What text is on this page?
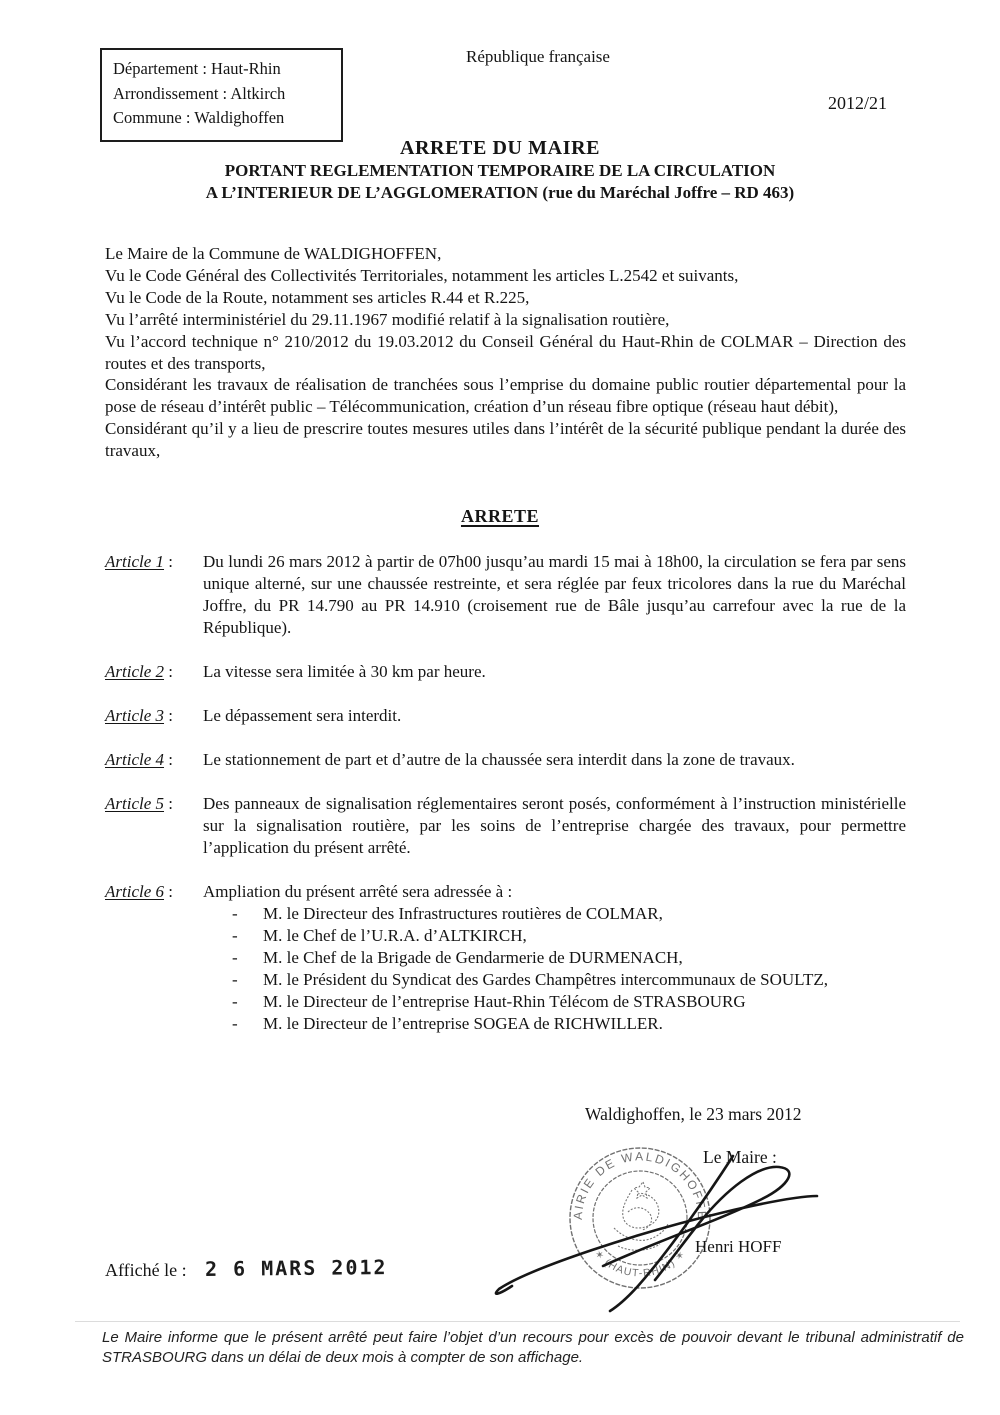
Département : Haut-Rhin
Arrondissement : Altkirch
Commune : Waldighoffen
République française
2012/21
ARRETE DU MAIRE
PORTANT REGLEMENTATION TEMPORAIRE DE LA CIRCULATION
A L’INTERIEUR DE L’AGGLOMERATION (rue du Maréchal Joffre – RD 463)

Le Maire de la Commune de WALDIGHOFFEN,

Vu le Code Général des Collectivités Territoriales, notamment les articles L.2542 et suivants,

Vu le Code de la Route, notamment ses articles R.44 et R.225,

Vu l’arrêté interministériel du 29.11.1967 modifié relatif à la signalisation routière,

Vu l’accord technique n° 210/2012 du 19.03.2012 du Conseil Général du Haut-Rhin de COLMAR – Direction des routes et des transports,

Considérant les travaux de réalisation de tranchées sous l’emprise du domaine public routier départemental pour la pose de réseau d’intérêt public – Télécommunication, création d’un réseau fibre optique (réseau haut débit),

Considérant qu’il y a lieu de prescrire toutes mesures utiles dans l’intérêt de la sécurité publique pendant la durée des travaux,

ARRETE
Article 1 :	Du lundi 26 mars 2012 à partir de 07h00 jusqu’au mardi 15 mai à 18h00, la circulation se fera par sens unique alterné, sur une chaussée restreinte, et sera réglée par feux tricolores dans la rue du Maréchal Joffre, du PR 14.790 au PR 14.910 (croisement rue de Bâle jusqu’au carrefour avec la rue de la République).
Article 2 :	La vitesse sera limitée à 30 km par heure.
Article 3 :	Le dépassement sera interdit.
Article 4 :	Le stationnement de part et d’autre de la chaussée sera interdit dans la zone de travaux.
Article 5 :	Des panneaux de signalisation réglementaires seront posés, conformément à l’instruction ministérielle sur la signalisation routière, par les soins de l’entreprise chargée des travaux, pour permettre l’application du présent arrêté.
Article 6 :	Ampliation du présent arrêté sera adressée à :
-	M. le Directeur des Infrastructures routières de COLMAR,
-	M. le Chef de l’U.R.A. d’ALTKIRCH,
-	M. le Chef de la Brigade de Gendarmerie de DURMENACH,
-	M. le Président du Syndicat des Gardes Champêtres intercommunaux de SOULTZ,
-	M. le Directeur de l’entreprise Haut-Rhin Télécom de STRASBOURG
-	M. le Directeur de l’entreprise SOGEA de RICHWILLER.
Waldighoffen, le 23 mars 2012
Le Maire :
MAIRIE DE WALDIGHOFFEN
✶ (HAUT-RHIN) ✶ Henri HOFF
Affiché le : 2 6 MARS 2012
Le Maire informe que le présent arrêté peut faire l’objet d’un recours pour excès de pouvoir devant le tribunal administratif de STRASBOURG dans un délai de deux mois à compter de son affichage.
